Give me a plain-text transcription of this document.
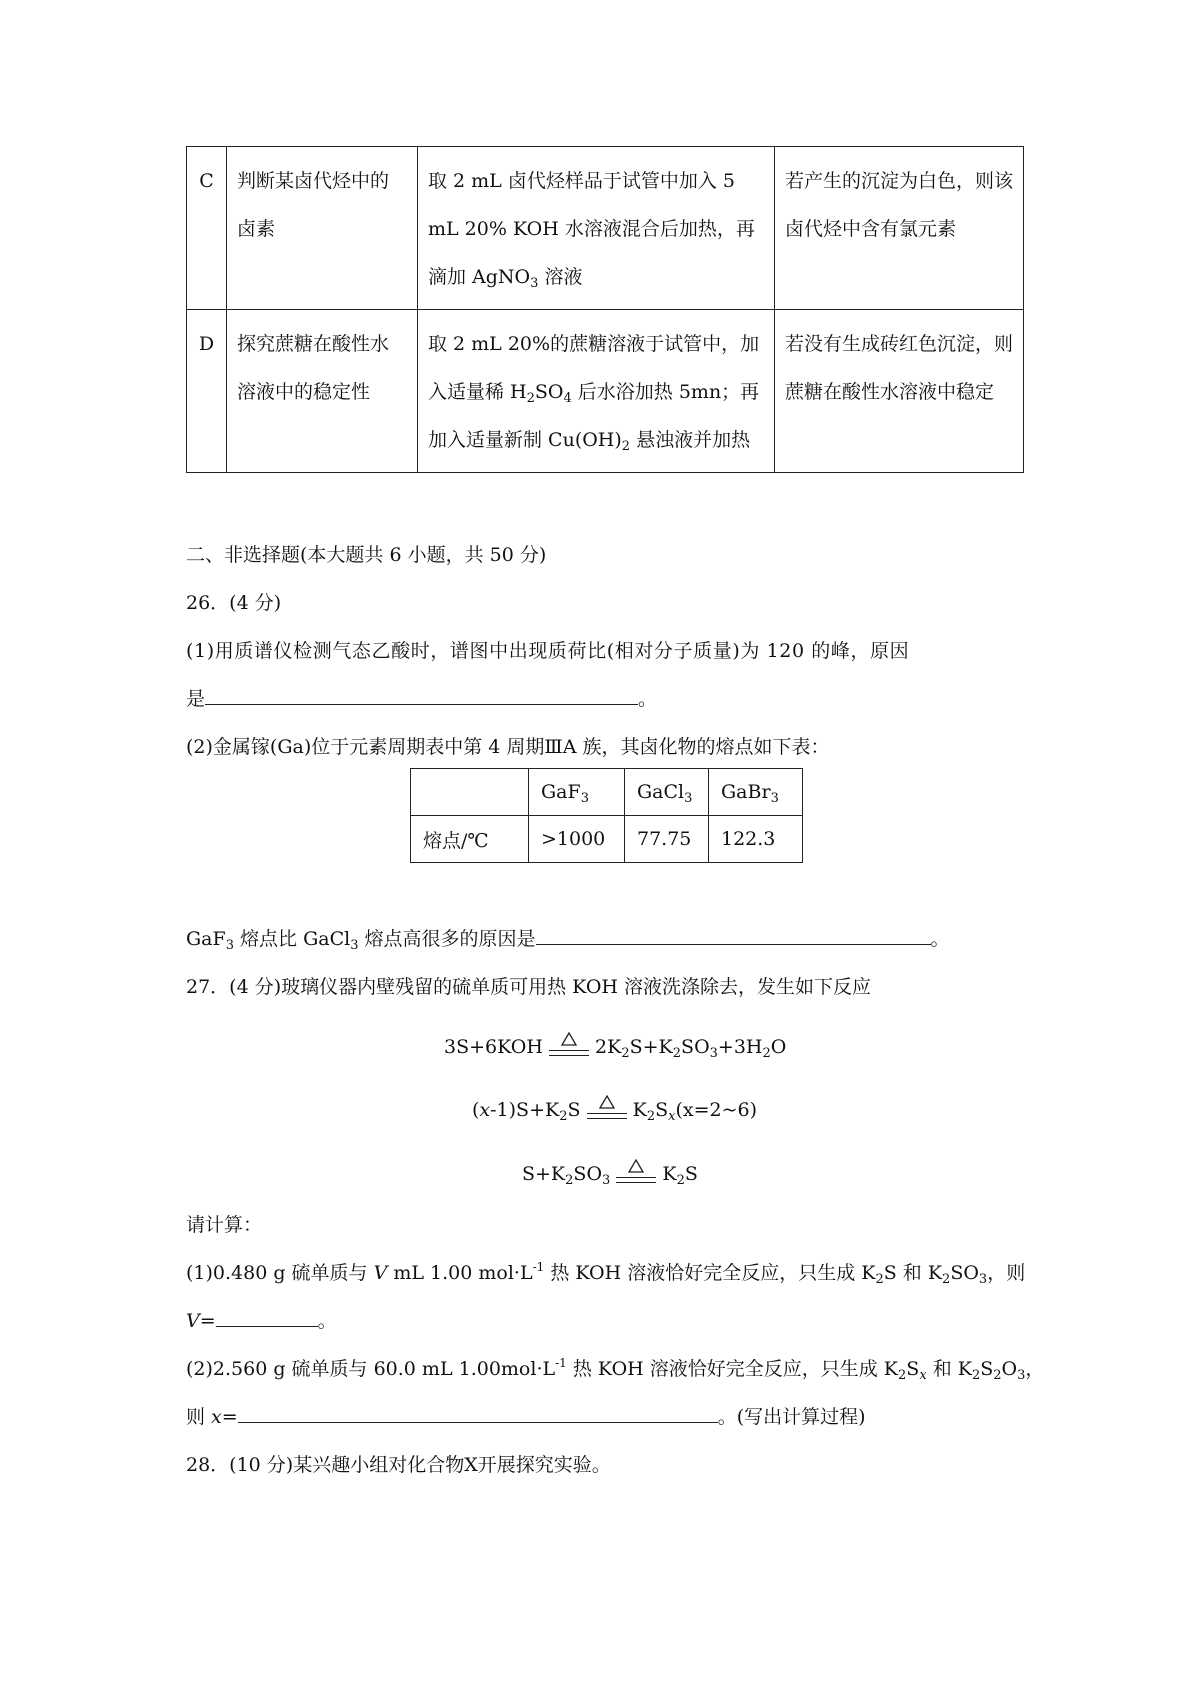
C	判断某卤代烃中的卤素	取 2 mL 卤代烃样品于试管中加入 5 mL 20% KOH 水溶液混合后加热，再滴加 AgNO$_3$ 溶液	若产生的沉淀为白色，则该卤代烃中含有氯元素
D	探究蔗糖在酸性水溶液中的稳定性	取 2 mL 20%的蔗糖溶液于试管中，加入适量稀 $H_2SO_4$ 后水浴加热 5mn；再加入适量新制 $Cu(OH)_2$ 悬浊液并加热	若没有生成砖红色沉淀，则蔗糖在酸性水溶液中稳定
二、非选择题(本大题共 6 小题，共 50 分)
26．(4 分)
(1)用质谱仪检测气态乙酸时，谱图中出现质荷比(相对分子质量)为 120 的峰，原因
是	。
(2)金属镓(Ga)位于元素周期表中第 4 周期ⅢA 族，其卤化物的熔点如下表：
	GaF$_3$	GaCl$_3$	GaBr$_3$
熔点/℃	>1000	77.75	122.3
GaF$_3$ 熔点比 GaCl$_3$ 熔点高很多的原因是	。
27．(4 分)玻璃仪器内壁残留的硫单质可用热 KOH 溶液洗涤除去，发生如下反应
3S+6KOH	$2K_2S+K_2SO_3+3H_2O$
$(x-1)S+K_2S$	$K_2S_x(x=2\sim 6)$
$S+K_2SO_3$	$K_2S$
请计算：
(1)0.480 g 硫单质与 V mL 1.00 $mol\cdot L^{-1}$ 热 KOH 溶液恰好完全反应，只生成 $K_2S$ 和 $K_2SO_3$，则
V=	。
(2)2.560 g 硫单质与 60.0 mL $1.00mol\cdot L^{-1}$ 热 KOH 溶液恰好完全反应，只生成 $K_2S_x$ 和 $K_2S_2O_3$，
则 x=	。(写出计算过程)
28．(10 分)某兴趣小组对化合物Ⅹ开展探究实验。
